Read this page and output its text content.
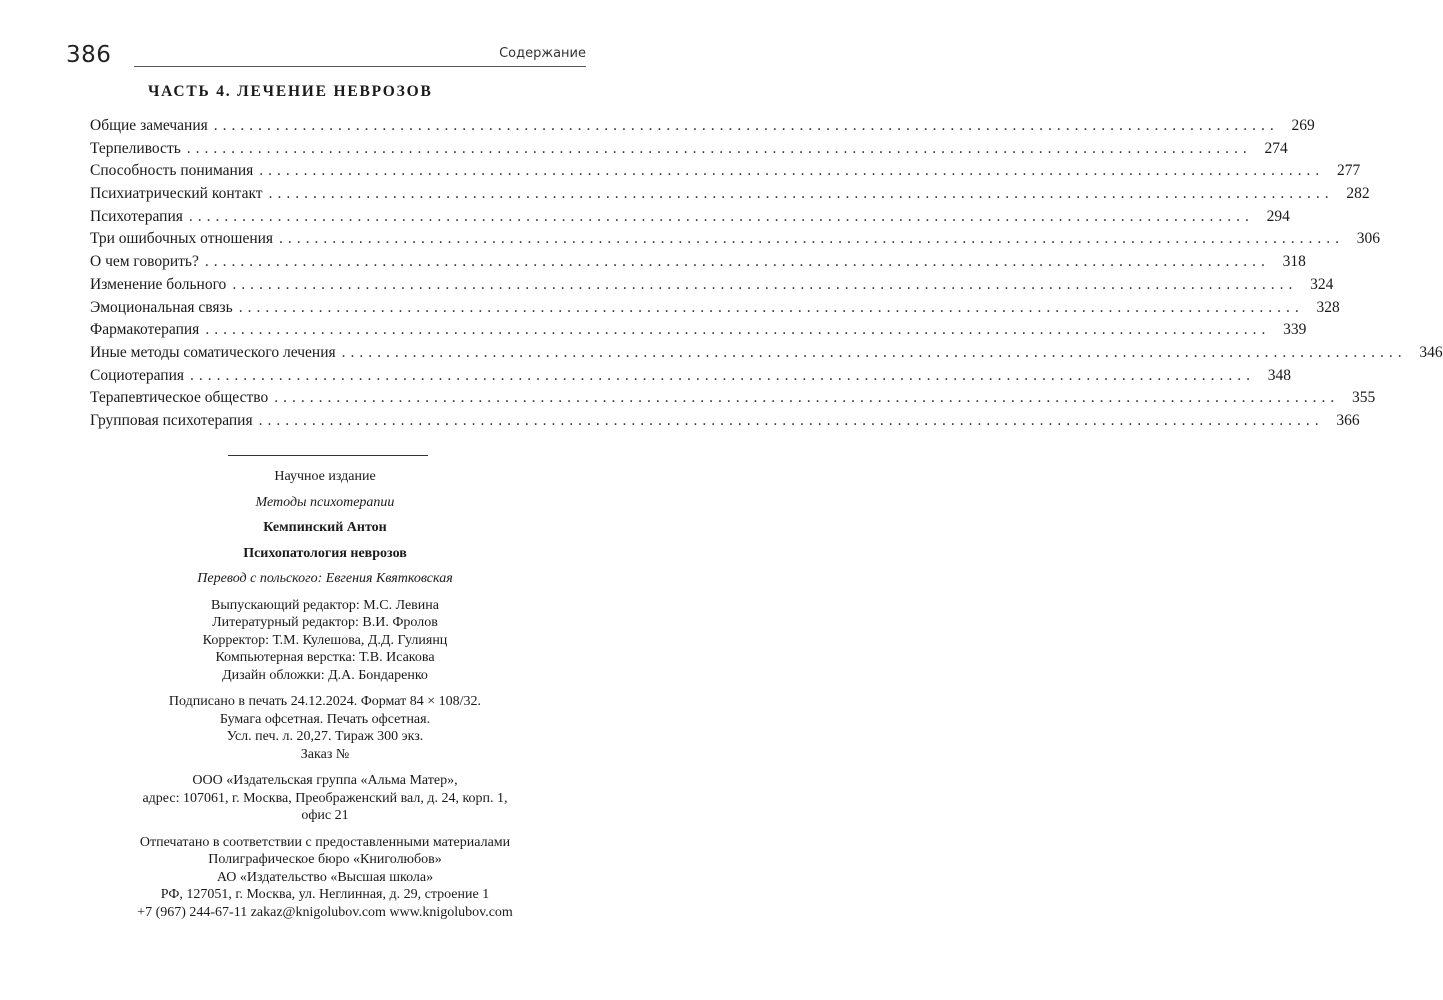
386	Содержание
ЧАСТЬ 4. ЛЕЧЕНИЕ НЕВРОЗОВ
Общие замечания ........................................................................................................................ 269
Терпеливость ........................................................................................................................ 274
Способность понимания ........................................................................................................................ 277
Психиатрический контакт ........................................................................................................................ 282
Психотерапия ........................................................................................................................ 294
Три ошибочных отношения ........................................................................................................................ 306
О чем говорить? ........................................................................................................................ 318
Изменение больного ........................................................................................................................ 324
Эмоциональная связь ........................................................................................................................ 328
Фармакотерапия ........................................................................................................................ 339
Иные методы соматического лечения ........................................................................................................................ 346
Социотерапия ........................................................................................................................ 348
Терапевтическое общество ........................................................................................................................ 355
Групповая психотерапия ........................................................................................................................ 366
Научное издание
Методы психотерапии
Кемпинский Антон
Психопатология неврозов
Перевод с польского: Евгения Квятковская
Выпускающий редактор: М.С. Левина
Литературный редактор: В.И. Фролов
Корректор: Т.М. Кулешова, Д.Д. Гулиянц
Компьютерная верстка: Т.В. Исакова
Дизайн обложки: Д.А. Бондаренко
Подписано в печать 24.12.2024. Формат 84 × 108/32.
Бумага офсетная. Печать офсетная.
Усл. печ. л. 20,27. Тираж 300 экз.
Заказ №
ООО «Издательская группа «Альма Матер»,
адрес: 107061, г. Москва, Преображенский вал, д. 24, корп. 1,
офис 21
Отпечатано в соответствии с предоставленными материалами
Полиграфическое бюро «Книголюбов»
АО «Издательство «Высшая школа»
РФ, 127051, г. Москва, ул. Неглинная, д. 29, строение 1
+7 (967) 244-67-11 zakaz@knigolubov.com www.knigolubov.com
